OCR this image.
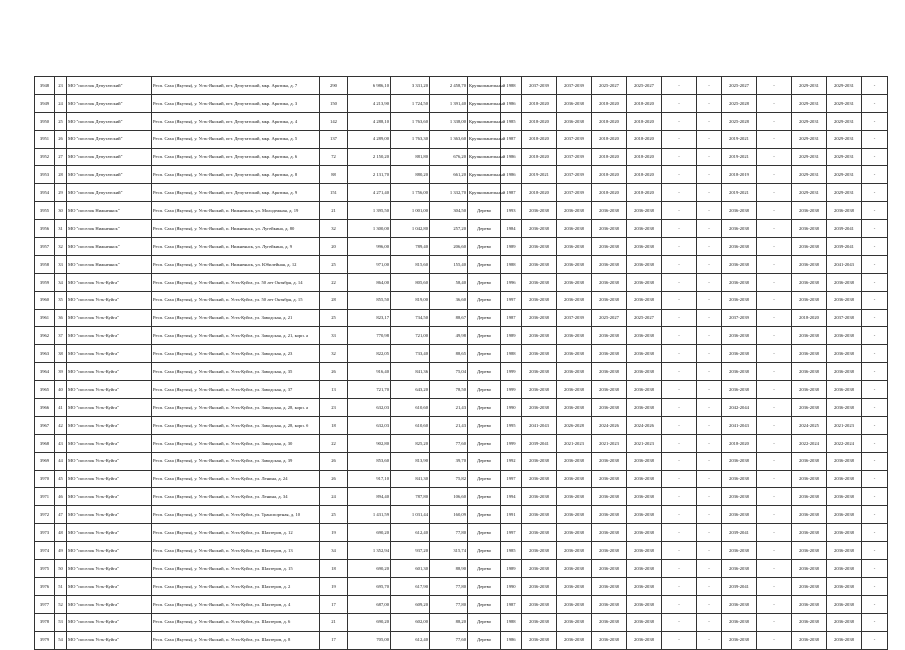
3948	23	МО "поселок Депутатский"	Респ. Саха (Якутия), у. Усть-Янский, пгт. Депутатский, мкр. Арктика, д. 7	290	6 986,10	3 331,20	2 458,70	Крупнопанельный	1988	2037-2039	2037-2039	2025-2027	2025-2027	-	-	2025-2027	-	2029-2031	2029-2031	-
3949	24	МО "поселок Депутатский"	Респ. Саха (Якутия), у. Усть-Янский, пгт. Депутатский, мкр. Арктика, д. 3	150	4 213,90	1 724,50	1 391,40	Крупнопанельный	1986	2018-2020	2036-2038	2018-2020	2018-2020	-	-	2025-2028	-	2029-2031	2029-2031	-
3950	25	МО "поселок Депутатский"	Респ. Саха (Якутия), у. Усть-Янский, пгт. Депутатский, мкр. Арктика, д. 4	142	4 288,10	1 763,60	1 338,00	Крупнопанельный	1985	2018-2020	2036-2038	2018-2020	2018-2020	-	-	2025-2028	-	2029-2031	2029-2031	-
3951	26	МО "поселок Депутатский"	Респ. Саха (Якутия), у. Усть-Янский, пгт. Депутатский, мкр. Арктика, д. 5	137	4 289,00	1 763,30	1 363,60	Крупнопанельный	1987	2018-2020	2037-2039	2018-2020	2018-2020	-	-	2019-2021	-	2029-2031	2029-2031	-
3952	27	МО "поселок Депутатский"	Респ. Саха (Якутия), у. Усть-Янский, пгт. Депутатский, мкр. Арктика, д. 6	72	2 150,20	881,80	676,20	Крупнопанельный	1986	2018-2020	2037-2039	2018-2020	2018-2020	-	-	2019-2021	-	2029-2031	2029-2031	-
3953	28	МО "поселок Депутатский"	Респ. Саха (Якутия), у. Усть-Янский, пгт. Депутатский, мкр. Арктика, д. 8	88	2 131,70	880,20	661,20	Крупнопанельный	1986	2019-2021	2037-2039	2018-2020	2018-2020	-	-	2018-2019	-	2029-2031	2029-2031	-
3954	29	МО "поселок Депутатский"	Респ. Саха (Якутия), у. Усть-Янский, пгт. Депутатский, мкр. Арктика, д. 9	151	4 271,40	1 756,00	1 332,70	Крупнопанельный	1987	2018-2020	2037-2039	2018-2020	2018-2020	-	-	2019-2021	-	2029-2031	2029-2031	-
3955	30	МО "поселок Нижнеянск"	Респ. Саха (Якутия), у. Усть-Янский, п. Нижнеянск, ул. Молодежная, д. 19	21	1 395,50	1 001,00	304,50	Дерево	1993	2036-2038	2036-2038	2036-2038	2036-2038	-	-	2036-2038	-	2036-2038	2036-2038	-
3956	31	МО "поселок Нижнеянск"	Респ. Саха (Якутия), у. Усть-Янский, п. Нижнеянск, ул. Лугейкина, д. 80	32	1 300,00	1 042,80	257,20	Дерево	1984	2036-2038	2036-2038	2036-2038	2036-2038	-	-	2036-2038	-	2036-2038	2039-2041	-
3957	32	МО "поселок Нижнеянск"	Респ. Саха (Якутия), у. Усть-Янский, п. Нижнеянск, ул. Лугейкина, д. 9	20	996,00	789,40	206,60	Дерево	1989	2036-2038	2036-2038	2036-2038	2036-2038	-	-	2036-2038	-	2036-2038	2039-2041	-
3958	33	МО "поселок Нижнеянск"	Респ. Саха (Якутия), у. Усть-Янский, п. Нижнеянск, ул. Юбилейная, д. 12	25	971,00	815,60	155,40	Дерево	1988	2036-2038	2036-2038	2036-2038	2036-2038	-	-	2036-2038	-	2036-2038	2041-2043	-
3959	34	МО "поселок Усть-Куйга"	Респ. Саха (Якутия), у. Усть-Янский, п. Усть-Куйга, ул. 50 лет Октября, д. 14	22	864,00	805,60	58,40	Дерево	1996	2036-2038	2036-2038	2036-2038	2036-2038	-	-	2036-2038	-	2036-2038	2036-2038	-
3960	35	МО "поселок Усть-Куйга"	Респ. Саха (Якутия), у. Усть-Янский, п. Усть-Куйга, ул. 50 лет Октября, д. 15	28	855,50	819,00	36,60	Дерево	1997	2036-2038	2036-2038	2036-2038	2036-2038	-	-	2036-2038	-	2036-2038	2036-2038	-
3961	36	МО "поселок Усть-Куйга"	Респ. Саха (Якутия), у. Усть-Янский, п. Усть-Куйга, ул. Заводская, д. 21	25	823,17	734,50	88,67	Дерево	1987	2036-2038	2037-2039	2025-2027	2025-2027	-	-	2037-2039	-	2018-2020	2037-2038	-
3962	37	МО "поселок Усть-Куйга"	Респ. Саха (Якутия), у. Усть-Янский, п. Усть-Куйга, ул. Заводская, д. 21, корп. а	33	770,98	721,00	49,98	Дерево	1989	2036-2038	2036-2038	2036-2038	2036-2038	-	-	2036-2038	-	2036-2038	2036-2038	-
3963	38	МО "поселок Усть-Куйга"	Респ. Саха (Якутия), у. Усть-Янский, п. Усть-Куйга, ул. Заводская, д. 23	32	822,05	733,40	88,65	Дерево	1988	2036-2038	2036-2038	2036-2038	2036-2038	-	-	2036-2038	-	2036-2038	2036-2038	-
3964	39	МО "поселок Усть-Куйга"	Респ. Саха (Якутия), у. Усть-Янский, п. Усть-Куйга, ул. Заводская, д. 35	26	916,40	841,36	75,04	Дерево	1999	2036-2038	2036-2038	2036-2038	2036-2038	-	-	2036-2038	-	2036-2038	2036-2038	-
3965	40	МО "поселок Усть-Куйга"	Респ. Саха (Якутия), у. Усть-Янский, п. Усть-Куйга, ул. Заводская, д. 37	13	721,70	643,20	78,50	Дерево	1999	2036-2038	2036-2038	2036-2038	2036-2038	-	-	2036-2038	-	2036-2038	2036-2038	-
3966	41	МО "поселок Усть-Куйга"	Респ. Саха (Якутия), у. Усть-Янский, п. Усть-Куйга, ул. Заводская, д. 28, корп. а	23	632,03	610,60	21,43	Дерево	1990	2036-2038	2036-2038	2036-2038	2036-2038	-	-	2042-2044	-	2036-2038	2036-2038	-
3967	42	МО "поселок Усть-Куйга"	Респ. Саха (Якутия), у. Усть-Янский, п. Усть-Куйга, ул. Заводская, д. 28, корп. б	18	632,03	610,60	21,43	Дерево	1995	2041-2043	2026-2028	2024-2026	2024-2026	-	-	2041-2043	-	2024-2025	2021-2023	-
3968	43	МО "поселок Усть-Куйга"	Респ. Саха (Якутия), у. Усть-Янский, п. Усть-Куйга, ул. Заводская, д. 30	22	902,80	825,20	77,60	Дерево	1999	2039-2041	2021-2023	2021-2023	2021-2023	-	-	2018-2020	-	2022-2024	2022-2024	-
3969	44	МО "поселок Усть-Куйга"	Респ. Саха (Якутия), у. Усть-Янский, п. Усть-Куйга, ул. Заводская, д. 39	26	853,60	813,90	39,70	Дерево	1992	2036-2038	2036-2038	2036-2038	2036-2038	-	-	2036-2038	-	2036-2038	2036-2038	-
3970	45	МО "поселок Усть-Куйга"	Респ. Саха (Якутия), у. Усть-Янский, п. Усть-Куйга, ул. Ленина, д. 24	26	917,10	841,30	75,82	Дерево	1997	2036-2038	2036-2038	2036-2038	2036-2038	-	-	2036-2038	-	2036-2038	2036-2038	-
3971	46	МО "поселок Усть-Куйга"	Респ. Саха (Якутия), у. Усть-Янский, п. Усть-Куйга, ул. Ленина, д. 34	24	894,40	787,80	106,60	Дерево	1994	2036-2038	2036-2038	2036-2038	2036-2038	-	-	2036-2038	-	2036-2038	2036-2038	-
3972	47	МО "поселок Усть-Куйга"	Респ. Саха (Якутия), у. Усть-Янский, п. Усть-Куйга, ул. Транспортная, д. 10	25	1 431,59	1 031,44	160,09	Дерево	1991	2036-2038	2036-2038	2036-2038	2036-2038	-	-	2036-2038	-	2036-2038	2036-2038	-
3973	48	МО "поселок Усть-Куйга"	Респ. Саха (Якутия), у. Усть-Янский, п. Усть-Куйга, ул. Шахтеров, д. 12	19	690,20	612,40	77,80	Дерево	1997	2036-2038	2036-2038	2036-2038	2036-2038	-	-	2039-2041	-	2036-2038	2036-2038	-
3974	49	МО "поселок Усть-Куйга"	Респ. Саха (Якутия), у. Усть-Янский, п. Усть-Куйга, ул. Шахтеров, д. 13	34	1 352,94	937,20	315,74	Дерево	1985	2036-2038	2036-2038	2036-2038	2036-2038	-	-	2036-2038	-	2036-2038	2036-2038	-
3975	50	МО "поселок Усть-Куйга"	Респ. Саха (Якутия), у. Усть-Янский, п. Усть-Куйга, ул. Шахтеров, д. 15	18	690,20	601,30	88,90	Дерево	1989	2036-2038	2036-2038	2036-2038	2036-2038	-	-	2036-2038	-	2036-2038	2036-2038	-
3976	51	МО "поселок Усть-Куйга"	Респ. Саха (Якутия), у. Усть-Янский, п. Усть-Куйга, ул. Шахтеров, д. 2	19	695,70	617,90	77,80	Дерево	1990	2036-2038	2036-2038	2036-2038	2036-2038	-	-	2039-2041	-	2036-2038	2036-2038	-
3977	52	МО "поселок Усть-Куйга"	Респ. Саха (Якутия), у. Усть-Янский, п. Усть-Куйга, ул. Шахтеров, д. 4	17	687,00	609,20	77,80	Дерево	1987	2036-2038	2036-2038	2036-2038	2036-2038	-	-	2036-2038	-	2036-2038	2036-2038	-
3978	53	МО "поселок Усть-Куйга"	Респ. Саха (Якутия), у. Усть-Янский, п. Усть-Куйга, ул. Шахтеров, д. 6	21	690,20	602,00	88,20	Дерево	1988	2036-2038	2036-2038	2036-2038	2036-2038	-	-	2036-2038	-	2036-2038	2036-2038	-
3979	54	МО "поселок Усть-Куйга"	Респ. Саха (Якутия), у. Усть-Янский, п. Усть-Куйга, ул. Шахтеров, д. 8	17	705,00	612,40	77,60	Дерево	1986	2036-2038	2036-2038	2036-2038	2036-2038	-	-	2036-2038	-	2036-2038	2036-2038	-
